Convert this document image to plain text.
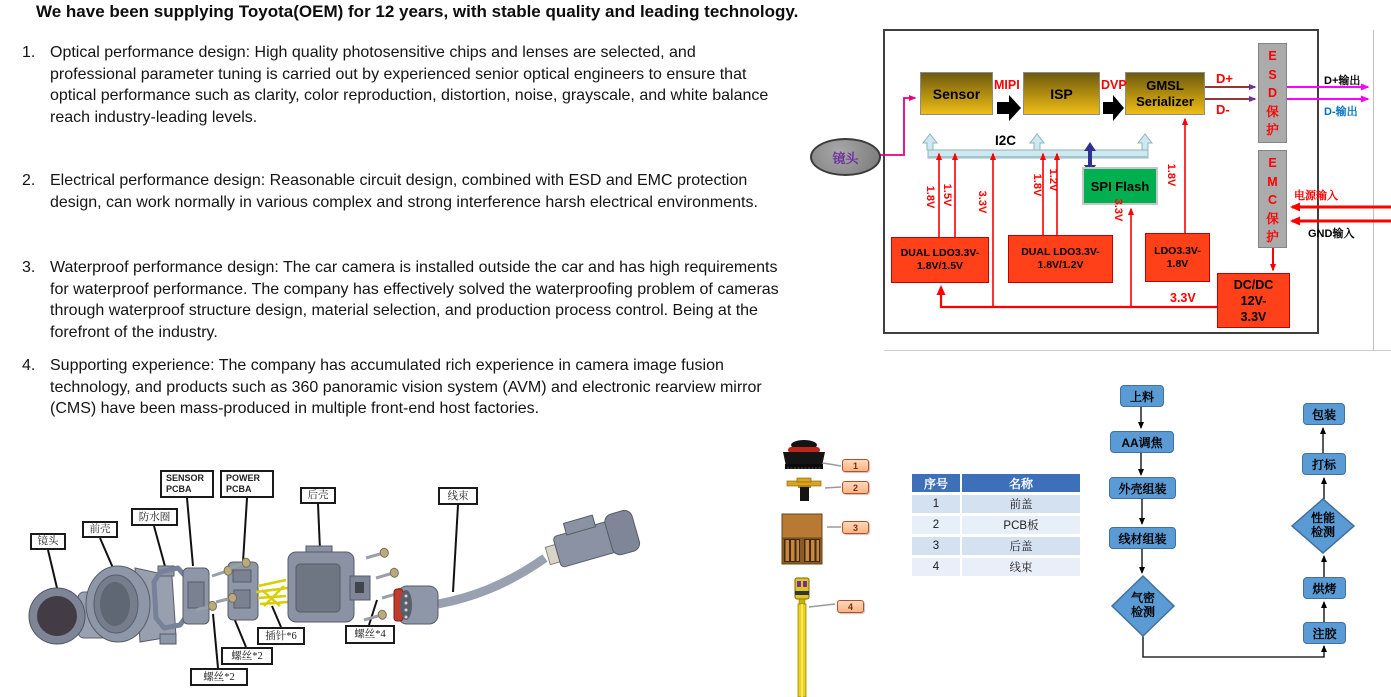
We have been supplying Toyota(OEM) for 12 years, with stable quality and leading technology.
1. Optical performance design: High quality photosensitive chips and lenses are selected, and professional parameter tuning is carried out by experienced senior optical engineers to ensure that optical performance such as clarity, color reproduction, distortion, noise, grayscale, and white balance reach industry-leading levels.
2. Electrical performance design: Reasonable circuit design, combined with ESD and EMC protection design, can work normally in various complex and strong interference harsh electrical environments.
3. Waterproof performance design: The car camera is installed outside the car and has high requirements for waterproof performance. The company has effectively solved the waterproofing problem of cameras through waterproof structure design, material selection, and production process control. Being at the forefront of the industry.
4. Supporting experience: The company has accumulated rich experience in camera image fusion technology, and products such as 360 panoramic vision system (AVM) and electronic rearview mirror (CMS) have been mass-produced in multiple front-end host factories.
镜头
Sensor	ISP
GMSL Serializer
ESD保护
EMC保护
SPI Flash
DUAL LDO3.3V-
1.8V/1.5V
DUAL LDO3.3V-
1.8V/1.2V
LDO3.3V-
1.8V
DC/DC
12V-
3.3V
MIPI	DVP
I2C
D+
D-
D+输出
D-输出
电源输入
GND输入
3.3V
1.8V 1.5V 3.3V
1.8V 1.2V
3.3V
1.8V
镜头
前壳
防水圈
SENSOR
PCBA
POWER
PCBA
后壳	线束
插针*6
螺丝*2
螺丝*2
螺丝*4
1
2
3
4
序号	名称
1	前盖
2	PCB板
3	后盖
4	线束
上料
AA调焦
外壳组装
线材组装
气密检测
注胶
烘烤
性能检测
打标
包装
